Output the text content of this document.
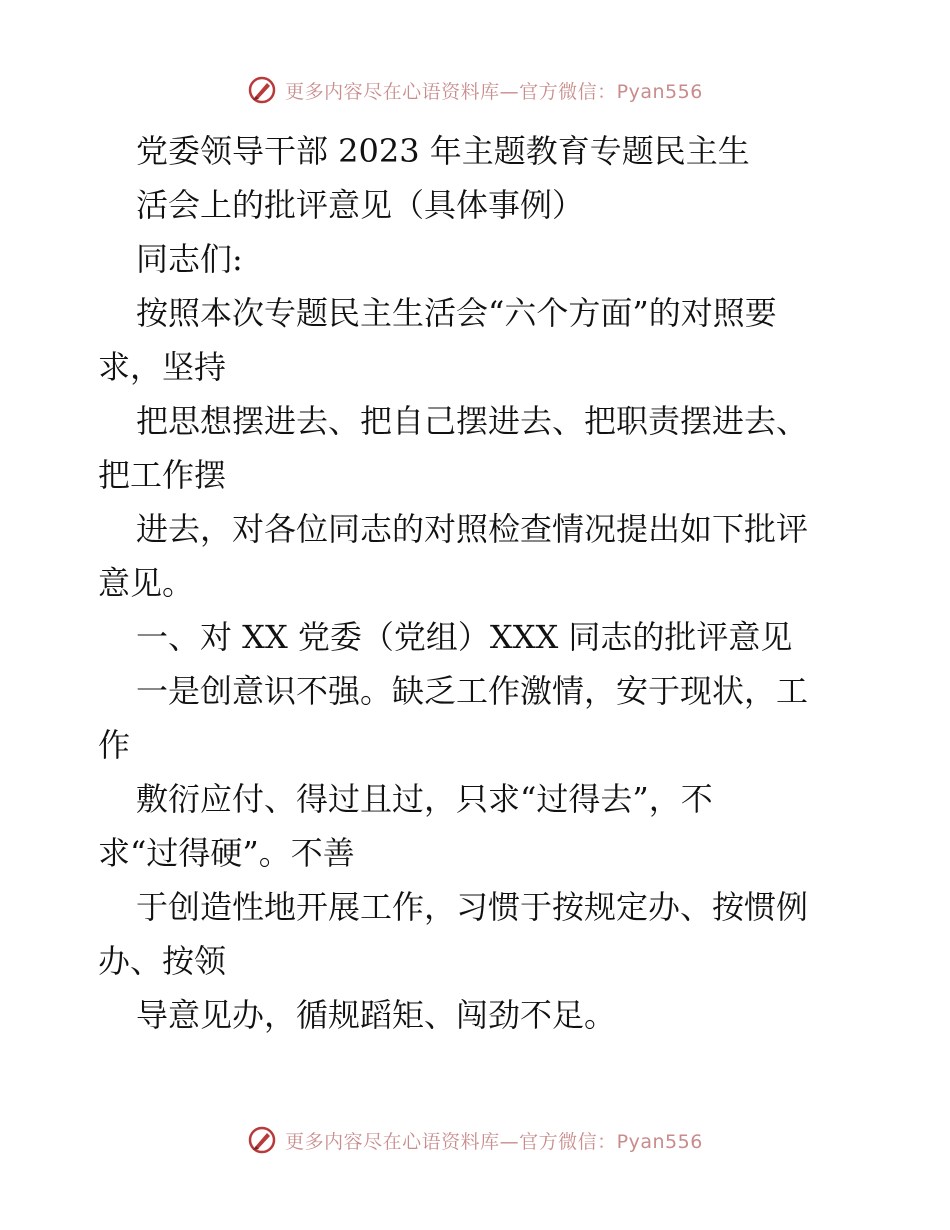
更多内容尽在心语资料库—官方微信：Pyan556

党委领导干部 2023 年主题教育专题民主生

活会上的批评意见（具体事例）

同志们:

按照本次专题民主生活会“六个方面”的对照要

求，坚持

把思想摆进去、把自己摆进去、把职责摆进去、

把工作摆

进去，对各位同志的对照检查情况提出如下批评

意见。

一、对 XX 党委（党组）XXX 同志的批评意见

一是创意识不强。缺乏工作激情，安于现状，工

作

敷衍应付、得过且过，只求“过得去”，不

求“过得硬”。不善

于创造性地开展工作，习惯于按规定办、按惯例

办、按领

导意见办，循规蹈矩、闯劲不足。

更多内容尽在心语资料库—官方微信：Pyan556
